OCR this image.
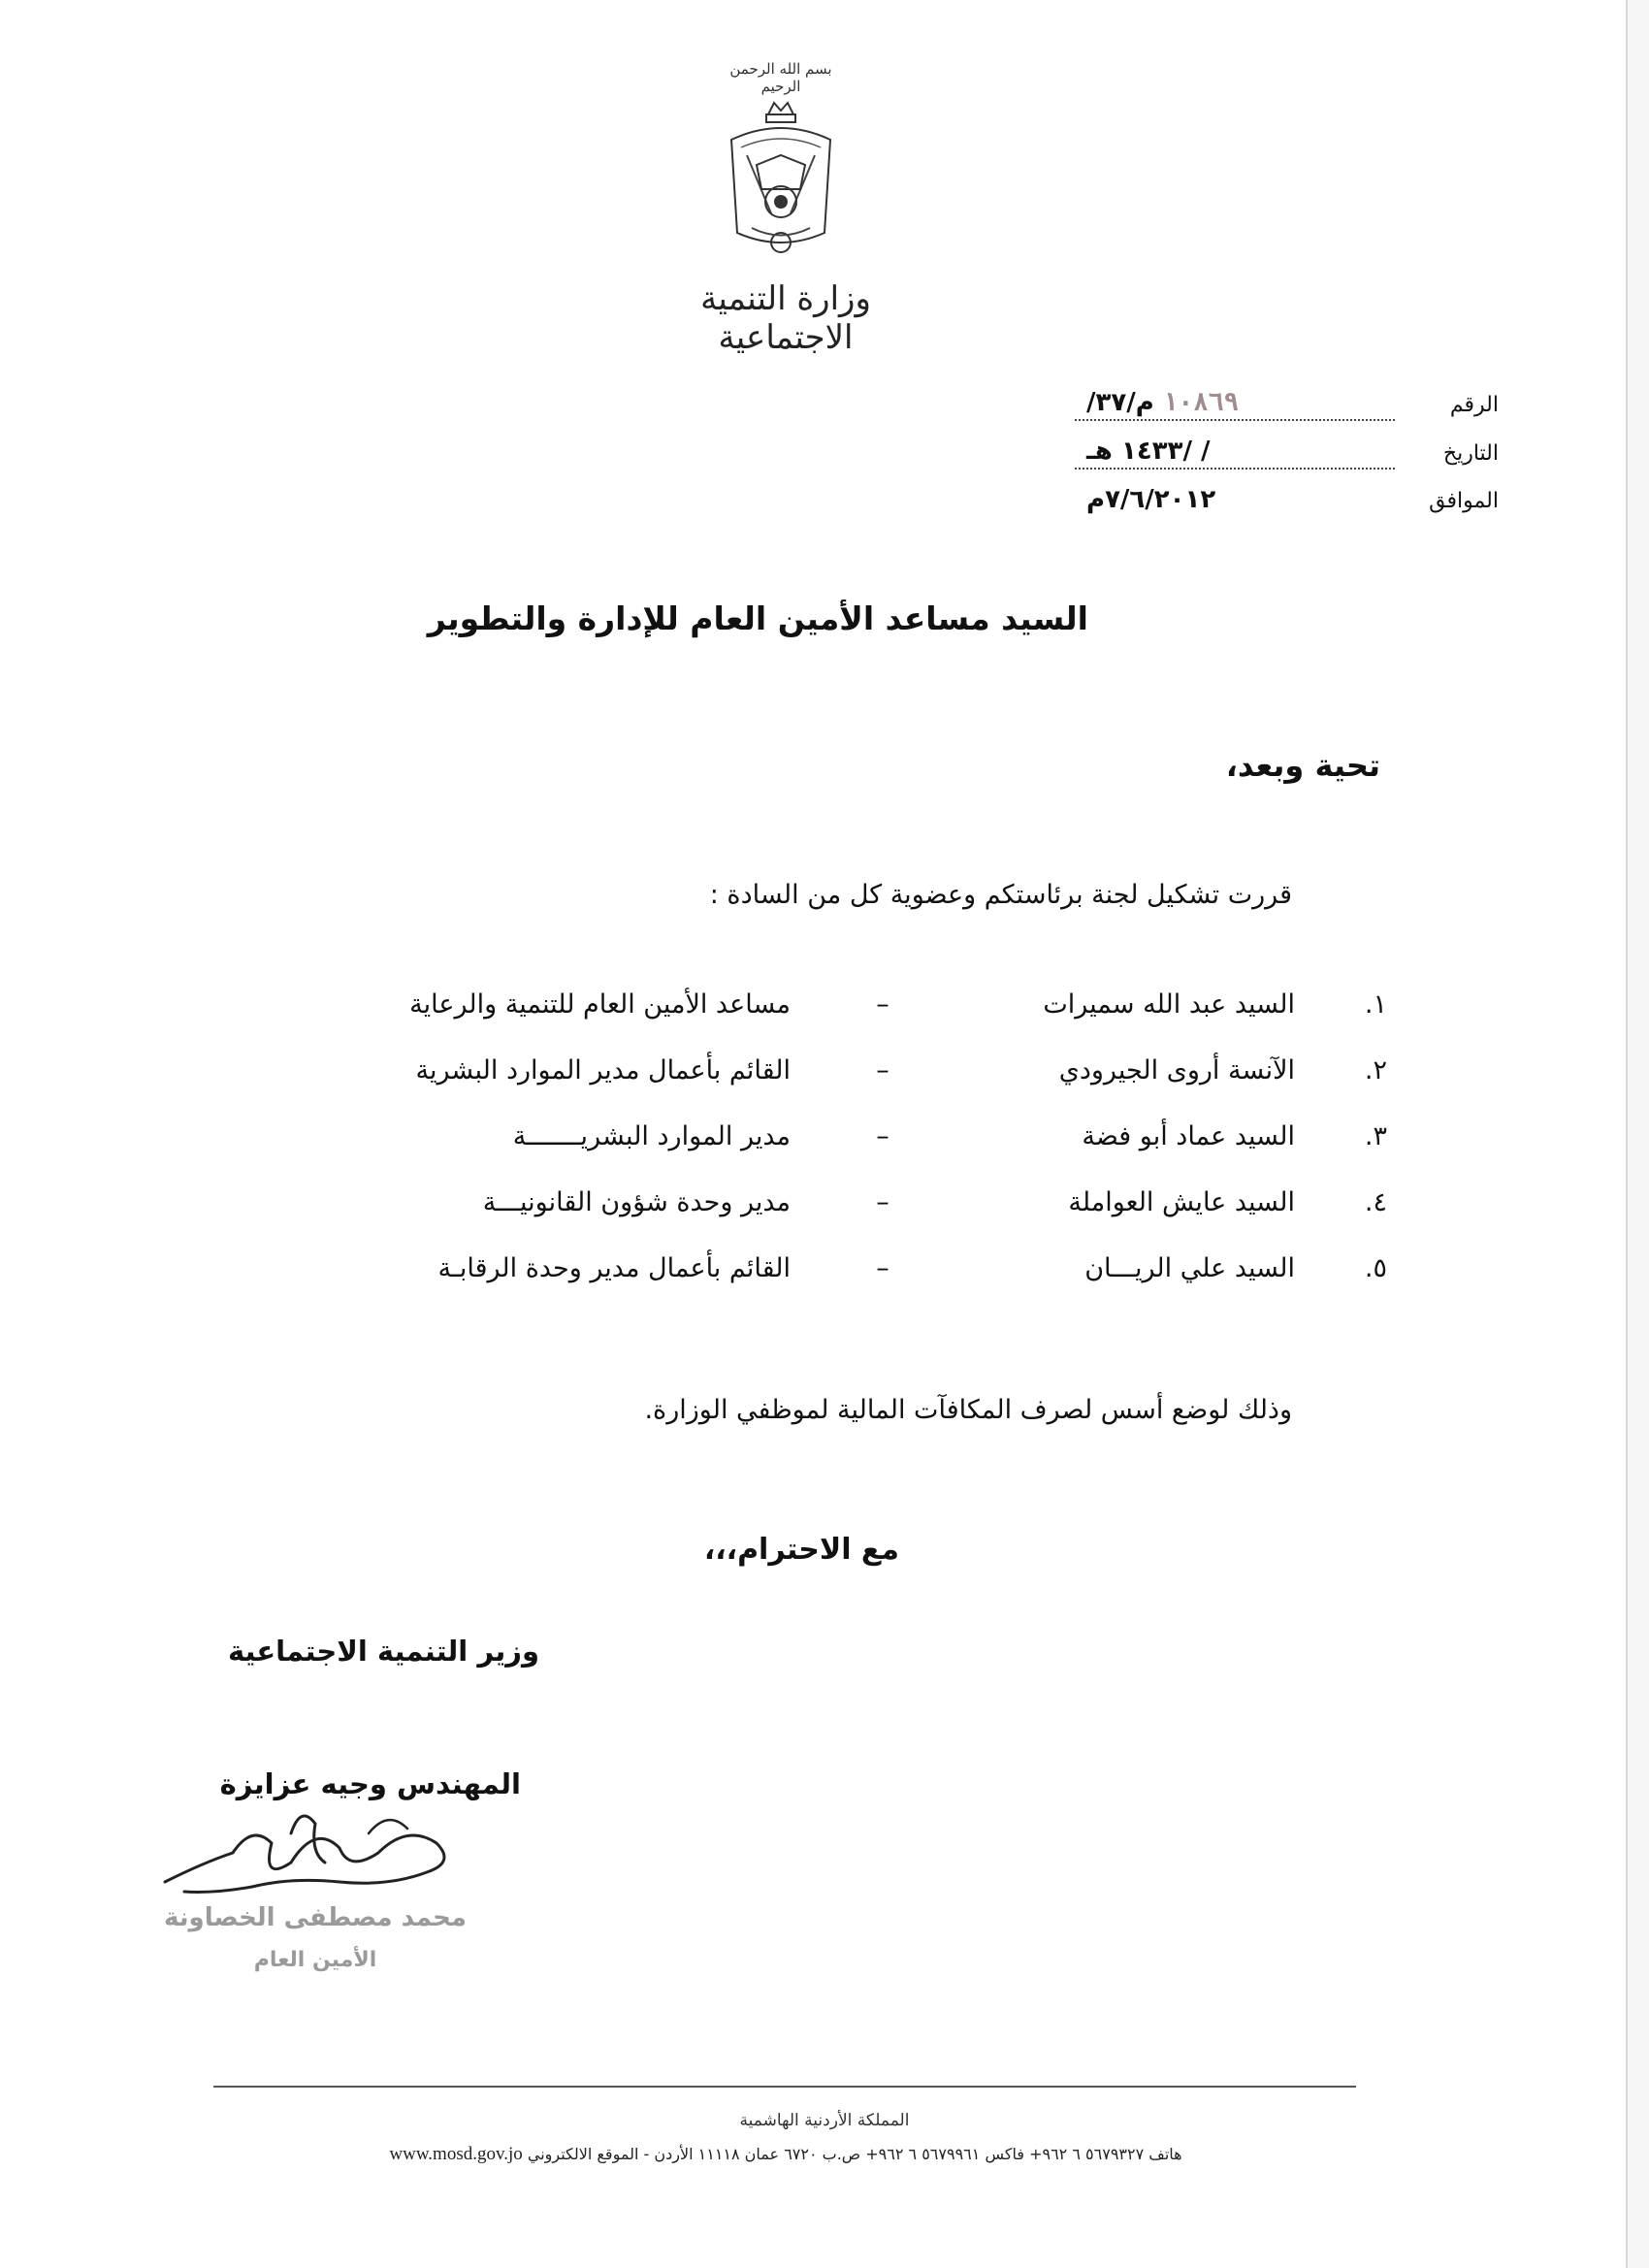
بسم الله الرحمن الرحيم
وزارة التنمية الاجتماعية
الرقم
١٠٨٦٩ م/٣٧/
التاريخ
/ /١٤٣٣ هـ
الموافق
٧/٦/٢٠١٢م
السيد مساعد الأمين العام للإدارة والتطوير
تحية وبعد،
قررت تشكيل لجنة برئاستكم وعضوية كل من السادة :
١.
السيد عبد الله سميرات
–
مساعد الأمين العام للتنمية والرعاية
٢.
الآنسة أروى الجيرودي
–
القائم بأعمال مدير الموارد البشرية
٣.
السيد عماد أبو فضة
–
مدير الموارد البشريـــــــة
٤.
السيد عايش العواملة
–
مدير وحدة شؤون القانونيـــة
٥.
السيد علي الريـــان
–
القائم بأعمال مدير وحدة الرقابـة
وذلك لوضع أسس لصرف المكافآت المالية لموظفي الوزارة.
مع الاحترام،،،
وزير التنمية الاجتماعية
المهندس وجيه عزايزة
محمد مصطفى الخصاونة
الأمين العام
المملكة الأردنية الهاشمية
هاتف ٥٦٧٩٣٢٧ ٦ ٩٦٢+ فاكس ٥٦٧٩٩٦١ ٦ ٩٦٢+ ص.ب ٦٧٢٠ عمان ١١١١٨ الأردن - الموقع الالكتروني www.mosd.gov.jo
